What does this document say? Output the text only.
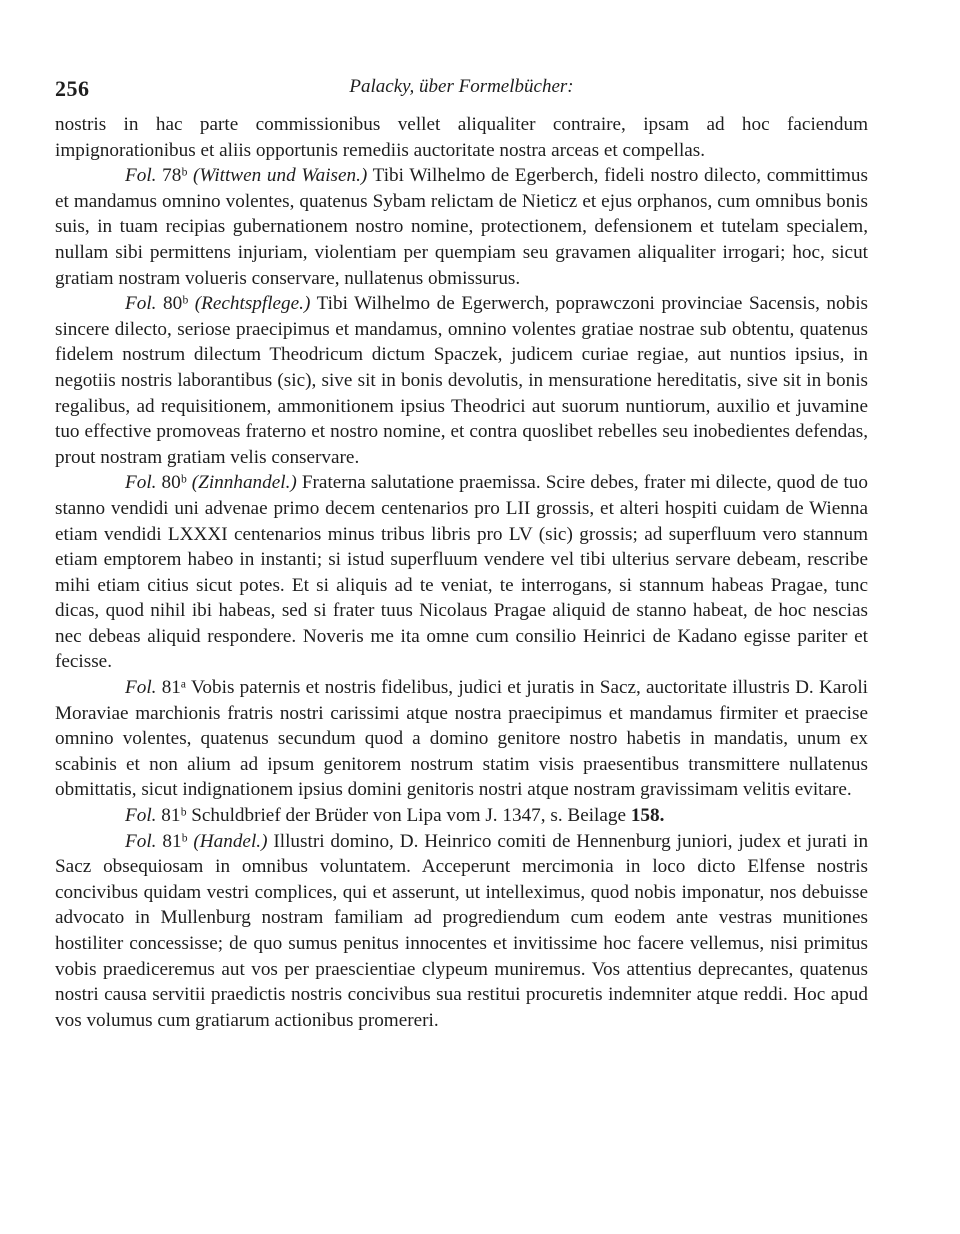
256	Palacky, über Formelbücher:

nostris in hac parte commissionibus vellet aliqualiter contraire, ipsam ad hoc faciendum impignorationibus et aliis opportunis remediis auctoritate nostra arceas et compellas.

Fol. 78ᵇ (Wittwen und Waisen.) Tibi Wilhelmo de Egerberch, fideli nostro dilecto, committimus et mandamus omnino volentes, quatenus Sybam relictam de Nieticz et ejus orphanos, cum omnibus bonis suis, in tuam recipias gubernationem nostro nomine, protectionem, defensionem et tutelam specialem, nullam sibi permittens injuriam, violentiam per quempiam seu gravamen aliqualiter irrogari; hoc, sicut gratiam nostram volueris conservare, nullatenus obmissurus.

Fol. 80ᵇ (Rechtspflege.) Tibi Wilhelmo de Egerwerch, poprawczoni provinciae Sacensis, nobis sincere dilecto, seriose praecipimus et mandamus, omnino volentes gratiae nostrae sub obtentu, quatenus fidelem nostrum dilectum Theodricum dictum Spaczek, judicem curiae regiae, aut nuntios ipsius, in negotiis nostris laborantibus (sic), sive sit in bonis devolutis, in mensuratione hereditatis, sive sit in bonis regalibus, ad requisitionem, ammonitionem ipsius Theodrici aut suorum nuntiorum, auxilio et juvamine tuo effective promoveas fraterno et nostro nomine, et contra quoslibet rebelles seu inobedientes defendas, prout nostram gratiam velis conservare.

Fol. 80ᵇ (Zinnhandel.) Fraterna salutatione praemissa. Scire debes, frater mi dilecte, quod de tuo stanno vendidi uni advenae primo decem centenarios pro LII grossis, et alteri hospiti cuidam de Wienna etiam vendidi LXXXI centenarios minus tribus libris pro LV (sic) grossis; ad superfluum vero stannum etiam emptorem habeo in instanti; si istud superfluum vendere vel tibi ulterius servare debeam, rescribe mihi etiam citius sicut potes. Et si aliquis ad te veniat, te interrogans, si stannum habeas Pragae, tunc dicas, quod nihil ibi habeas, sed si frater tuus Nicolaus Pragae aliquid de stanno habeat, de hoc nescias nec debeas aliquid respondere. Noveris me ita omne cum consilio Heinrici de Kadano egisse pariter et fecisse.

Fol. 81ᵃ Vobis paternis et nostris fidelibus, judici et juratis in Sacz, auctoritate illustris D. Karoli Moraviae marchionis fratris nostri carissimi atque nostra praecipimus et mandamus firmiter et praecise omnino volentes, quatenus secundum quod a domino genitore nostro habetis in mandatis, unum ex scabinis et non alium ad ipsum genitorem nostrum statim visis praesentibus transmittere nullatenus obmittatis, sicut indignationem ipsius domini genitoris nostri atque nostram gravissimam velitis evitare.

Fol. 81ᵇ Schuldbrief der Brüder von Lipa vom J. 1347, s. Beilage 158.

Fol. 81ᵇ (Handel.) Illustri domino, D. Heinrico comiti de Hennenburg juniori, judex et jurati in Sacz obsequiosam in omnibus voluntatem. Acceperunt mercimonia in loco dicto Elfense nostris concivibus quidam vestri complices, qui et asserunt, ut intelleximus, quod nobis imponatur, nos debuisse advocato in Mullenburg nostram familiam ad progrediendum cum eodem ante vestras munitiones hostiliter concessisse; de quo sumus penitus innocentes et invitissime hoc facere vellemus, nisi primitus vobis praediceremus aut vos per praescientiae clypeum muniremus. Vos attentius deprecantes, quatenus nostri causa servitii praedictis nostris concivibus sua restitui procuretis indemniter atque reddi. Hoc apud vos volumus cum gratiarum actionibus promereri.
